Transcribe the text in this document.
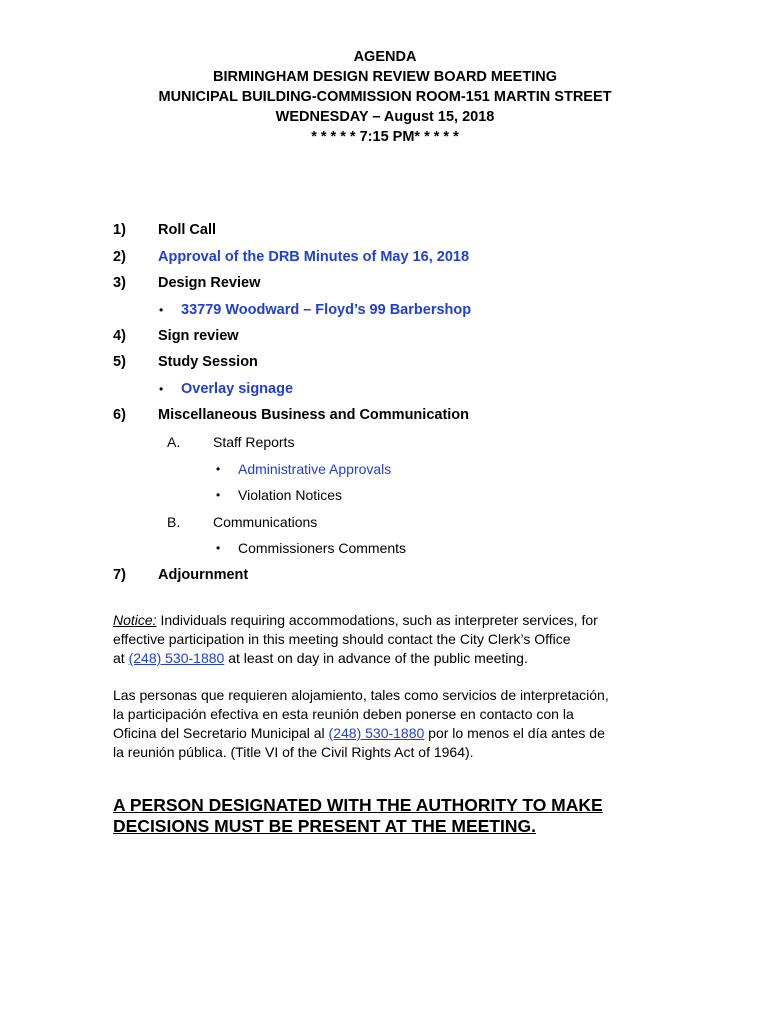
AGENDA
BIRMINGHAM DESIGN REVIEW BOARD MEETING
MUNICIPAL BUILDING-COMMISSION ROOM-151 MARTIN STREET
WEDNESDAY – August 15, 2018
* * * * * 7:15 PM* * * * *
1) Roll Call
2) Approval of the DRB Minutes of May 16, 2018
3) Design Review
• 33779 Woodward – Floyd’s 99 Barbershop
4) Sign review
5) Study Session
• Overlay signage
6) Miscellaneous Business and Communication
A. Staff Reports
• Administrative Approvals
• Violation Notices
B. Communications
• Commissioners Comments
7) Adjournment
Notice: Individuals requiring accommodations, such as interpreter services, for
effective participation in this meeting should contact the City Clerk’s Office
at (248) 530-1880 at least on day in advance of the public meeting.
Las personas que requieren alojamiento, tales como servicios de interpretación,
la participación efectiva en esta reunión deben ponerse en contacto con la
Oficina del Secretario Municipal al (248) 530-1880 por lo menos el día antes de
la reunión pública. (Title VI of the Civil Rights Act of 1964).
A PERSON DESIGNATED WITH THE AUTHORITY TO MAKE
DECISIONS MUST BE PRESENT AT THE MEETING.
